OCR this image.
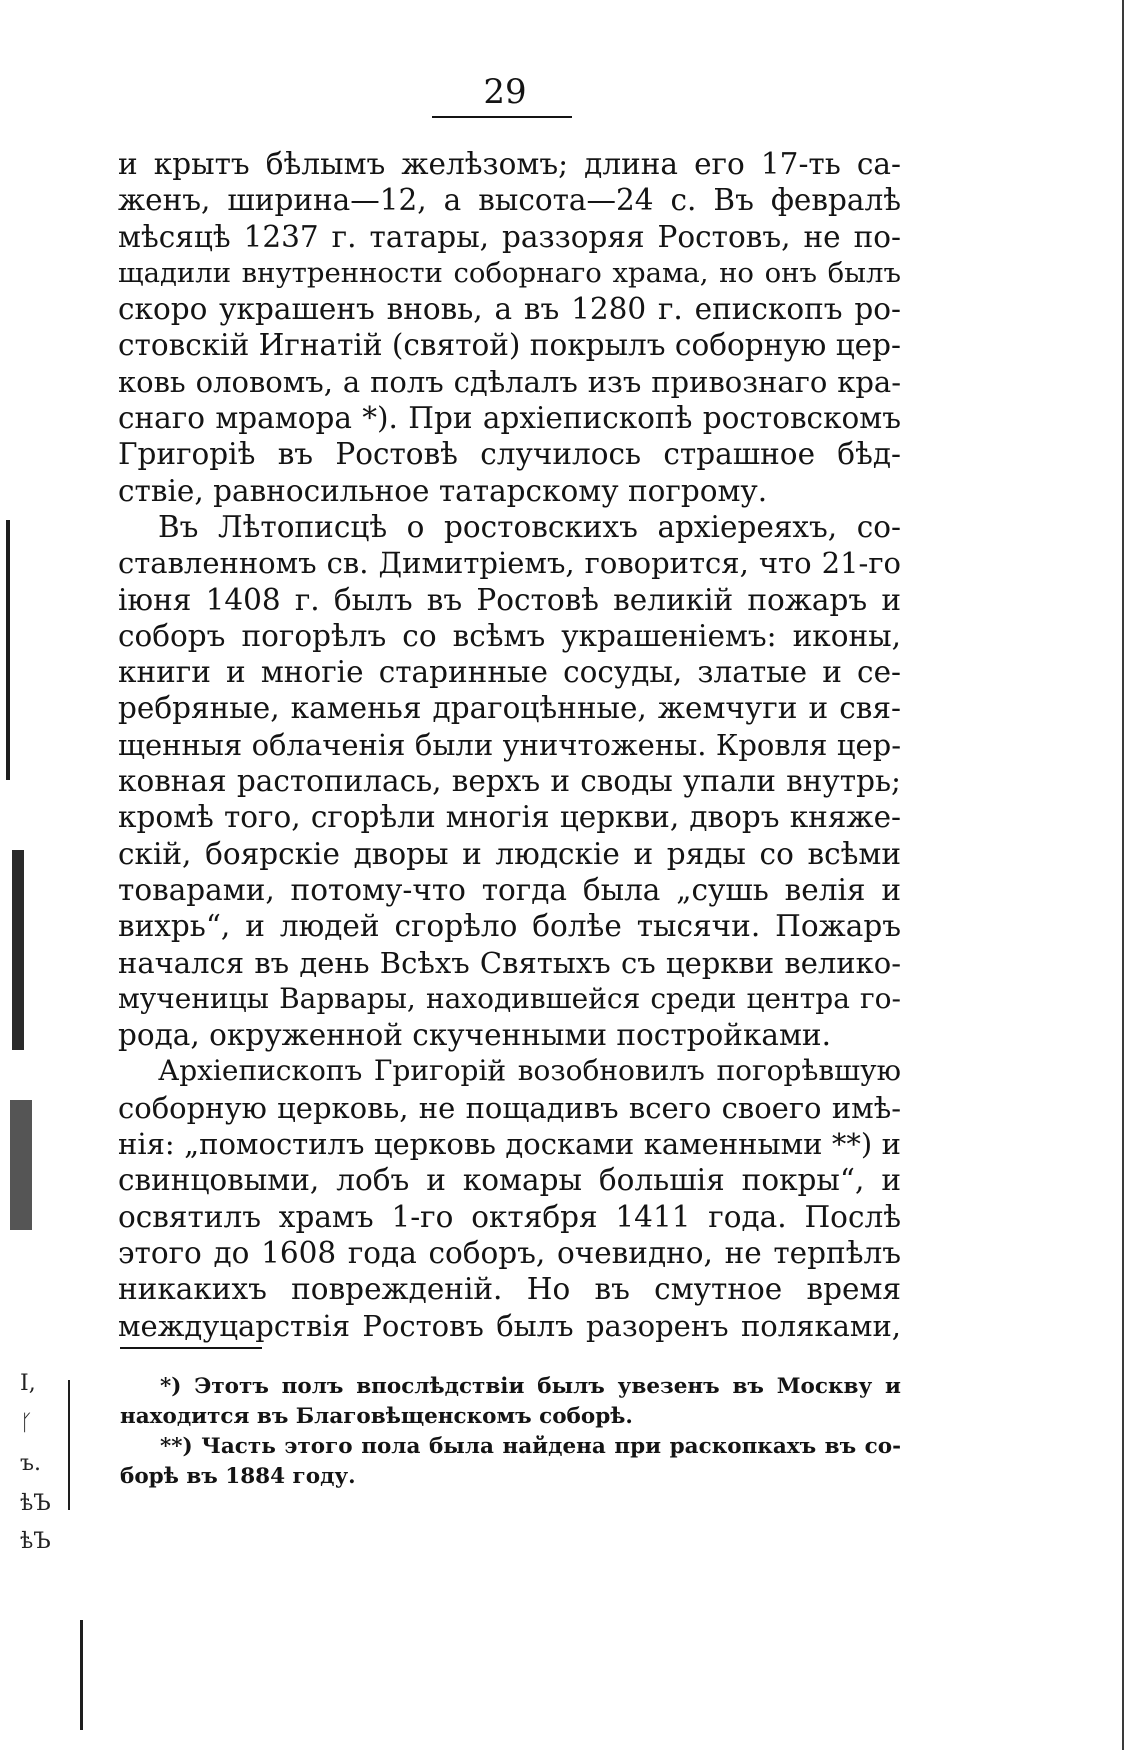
29
и крытъ бѣлымъ желѣзомъ; длина его 17-ть са-
женъ, ширина—12, а высота—24 с. Въ февралѣ
мѣсяцѣ 1237 г. татары, раззоряя Ростовъ, не по-
щадили внутренности соборнаго храма, но онъ былъ
скоро украшенъ вновь, а въ 1280 г. епископъ ро-
стовскій Игнатій (святой) покрылъ соборную цер-
ковь оловомъ, а полъ сдѣлалъ изъ привознаго кра-
снаго мрамора *). При архіепископѣ ростовскомъ
Григоріѣ въ Ростовѣ случилось страшное бѣд-
ствіе, равносильное татарскому погрому.
Въ Лѣтописцѣ о ростовскихъ архіереяхъ, со-
ставленномъ св. Димитріемъ, говорится, что 21-го
іюня 1408 г. былъ въ Ростовѣ великій пожаръ и
соборъ погорѣлъ со всѣмъ украшеніемъ: иконы,
книги и многіе старинные сосуды, златые и се-
ребряные, каменья драгоцѣнные, жемчуги и свя-
щенныя облаченія были уничтожены. Кровля цер-
ковная растопилась, верхъ и своды упали внутрь;
кромѣ того, сгорѣли многія церкви, дворъ княже-
скій, боярскіе дворы и людскіе и ряды со всѣми
товарами, потому-что тогда была „сушь велія и
вихрь“, и людей сгорѣло болѣе тысячи. Пожаръ
начался въ день Всѣхъ Святыхъ съ церкви велико-
мученицы Варвары, находившейся среди центра го-
рода, окруженной скученными постройками.
Архіепископъ Григорій возобновилъ погорѣвшую
соборную церковь, не пощадивъ всего своего имѣ-
нія: „помостилъ церковь досками каменными **) и
свинцовыми, лобъ и комары большія покры“, и
освятилъ храмъ 1-го октября 1411 года. Послѣ
этого до 1608 года соборъ, очевидно, не терпѣлъ
никакихъ поврежденій. Но въ смутное время
междуцарствія Ростовъ былъ разоренъ поляками,
*) Этотъ полъ впослѣдствіи былъ увезенъ въ Москву и
находится въ Благовѣщенскомъ соборѣ.
**) Часть этого пола была найдена при раскопкахъ въ со-
борѣ въ 1884 году.
I,
ᚴ
ъ.
ѣЪ
ѣЪ
